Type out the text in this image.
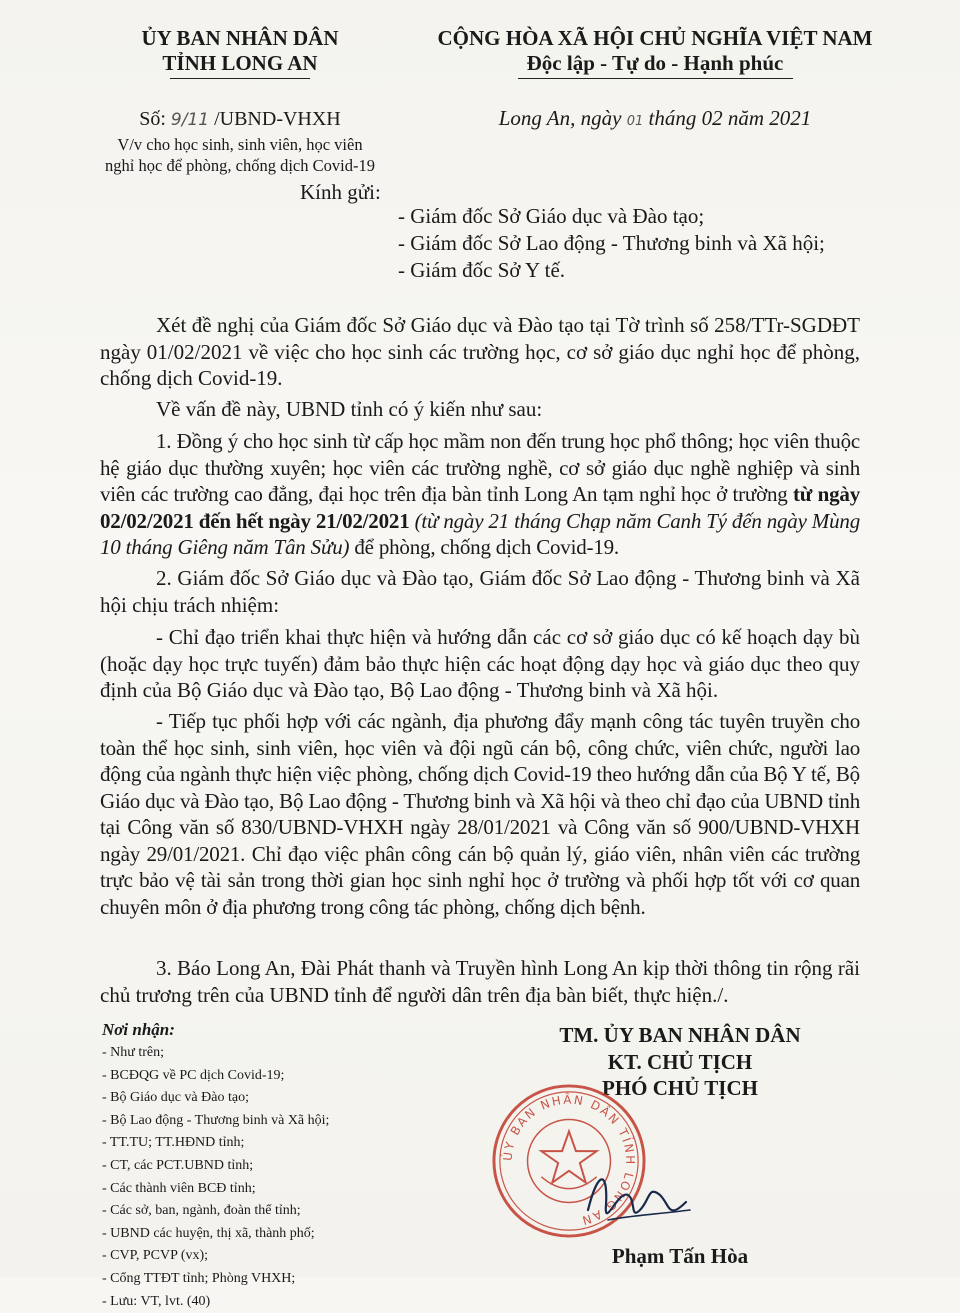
ỦY BAN NHÂN DÂN
TỈNH LONG AN
CỘNG HÒA XÃ HỘI CHỦ NGHĨA VIỆT NAM
Độc lập - Tự do - Hạnh phúc
Số: 9/11 /UBND-VHXH
V/v cho học sinh, sinh viên, học viên
nghỉ học để phòng, chống dịch Covid-19
Long An, ngày 01 tháng 02 năm 2021
Kính gửi:
- Giám đốc Sở Giáo dục và Đào tạo;
- Giám đốc Sở Lao động - Thương binh và Xã hội;
- Giám đốc Sở Y tế.
Xét đề nghị của Giám đốc Sở Giáo dục và Đào tạo tại Tờ trình số 258/TTr-SGDĐT ngày 01/02/2021 về việc cho học sinh các trường học, cơ sở giáo dục nghỉ học để phòng, chống dịch Covid-19.
Về vấn đề này, UBND tỉnh có ý kiến như sau:
1. Đồng ý cho học sinh từ cấp học mầm non đến trung học phổ thông; học viên thuộc hệ giáo dục thường xuyên; học viên các trường nghề, cơ sở giáo dục nghề nghiệp và sinh viên các trường cao đẳng, đại học trên địa bàn tỉnh Long An tạm nghỉ học ở trường từ ngày 02/02/2021 đến hết ngày 21/02/2021 (từ ngày 21 tháng Chạp năm Canh Tý đến ngày Mùng 10 tháng Giêng năm Tân Sửu) để phòng, chống dịch Covid-19.
2. Giám đốc Sở Giáo dục và Đào tạo, Giám đốc Sở Lao động - Thương binh và Xã hội chịu trách nhiệm:
- Chỉ đạo triển khai thực hiện và hướng dẫn các cơ sở giáo dục có kế hoạch dạy bù (hoặc dạy học trực tuyến) đảm bảo thực hiện các hoạt động dạy học và giáo dục theo quy định của Bộ Giáo dục và Đào tạo, Bộ Lao động - Thương binh và Xã hội.
- Tiếp tục phối hợp với các ngành, địa phương đẩy mạnh công tác tuyên truyền cho toàn thể học sinh, sinh viên, học viên và đội ngũ cán bộ, công chức, viên chức, người lao động của ngành thực hiện việc phòng, chống dịch Covid-19 theo hướng dẫn của Bộ Y tế, Bộ Giáo dục và Đào tạo, Bộ Lao động - Thương binh và Xã hội và theo chỉ đạo của UBND tỉnh tại Công văn số 830/UBND-VHXH ngày 28/01/2021 và Công văn số 900/UBND-VHXH ngày 29/01/2021. Chỉ đạo việc phân công cán bộ quản lý, giáo viên, nhân viên các trường trực bảo vệ tài sản trong thời gian học sinh nghỉ học ở trường và phối hợp tốt với cơ quan chuyên môn ở địa phương trong công tác phòng, chống dịch bệnh.
3. Báo Long An, Đài Phát thanh và Truyền hình Long An kịp thời thông tin rộng rãi chủ trương trên của UBND tỉnh để người dân trên địa bàn biết, thực hiện./.
Nơi nhận:
- Như trên;
- BCĐQG về PC dịch Covid-19;
- Bộ Giáo dục và Đào tạo;
- Bộ Lao động - Thương binh và Xã hội;
- TT.TU; TT.HĐND tỉnh;
- CT, các PCT.UBND tỉnh;
- Các thành viên BCĐ tỉnh;
- Các sở, ban, ngành, đoàn thể tỉnh;
- UBND các huyện, thị xã, thành phố;
- CVP, PCVP (vx);
- Cổng TTĐT tỉnh; Phòng VHXH;
- Lưu: VT, lvt. (40)
TM. ỦY BAN NHÂN DÂN
KT. CHỦ TỊCH
PHÓ CHỦ TỊCH
ỦY BAN NHÂN DÂN TỈNH LONG AN
Phạm Tấn Hòa
